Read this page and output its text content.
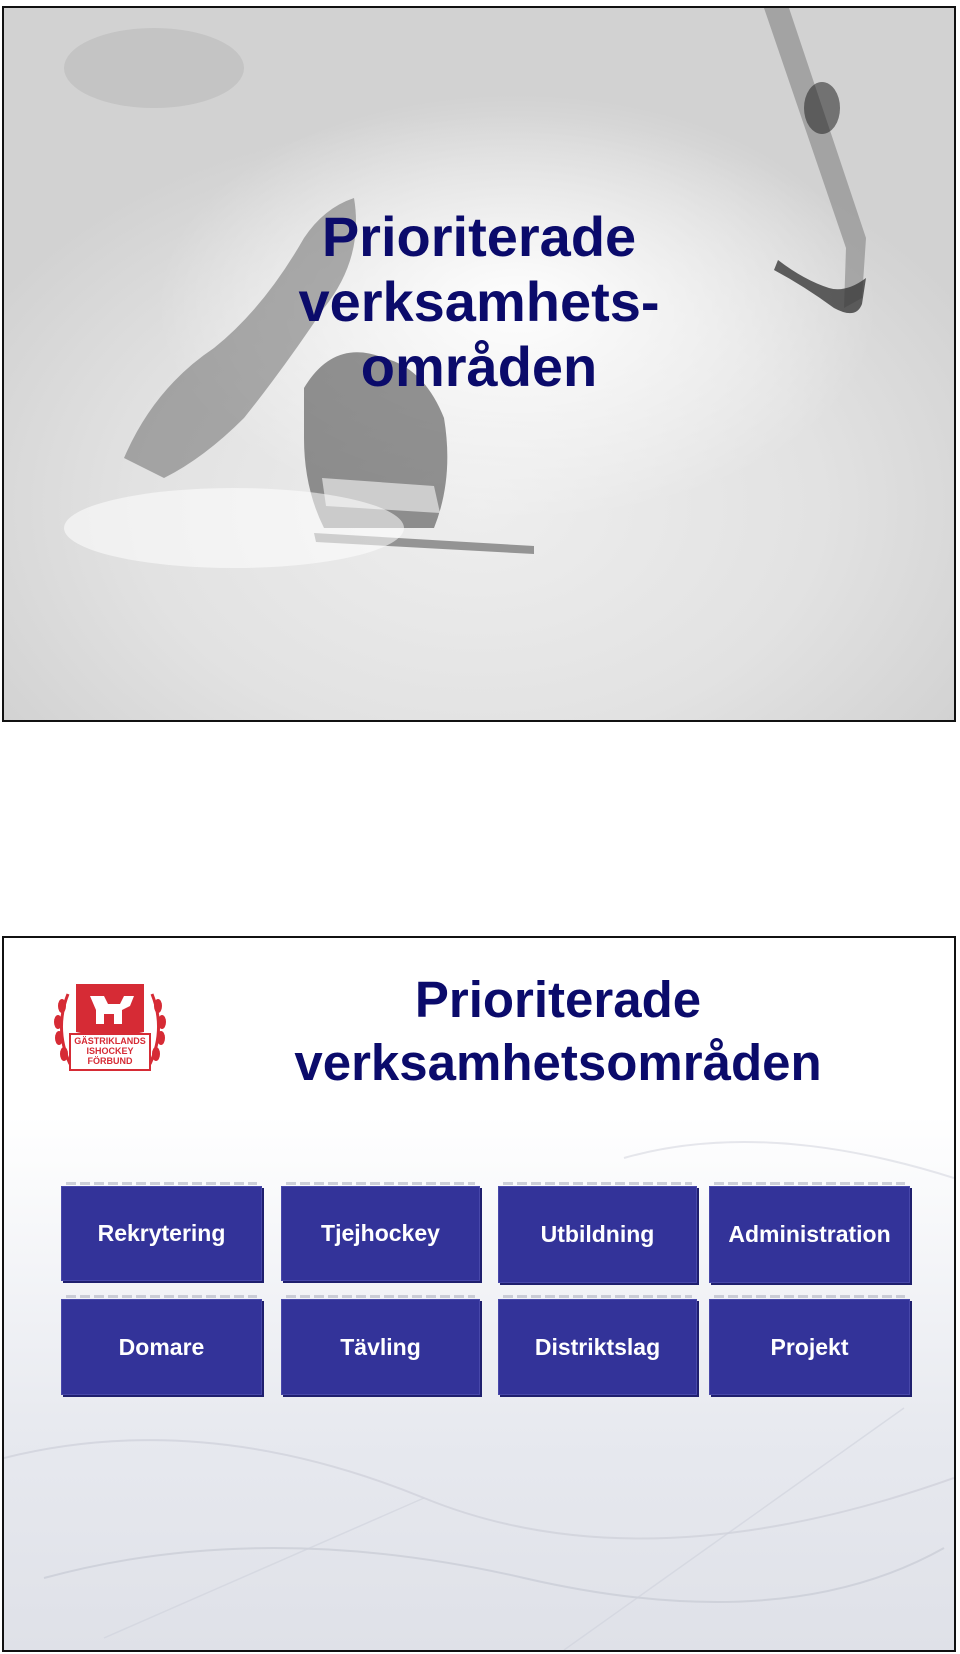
Prioriterade
verksamhets-
områden
GÄSTRIKLANDS
ISHOCKEY
FÖRBUND
Prioriterade
verksamhetsområden
Rekrytering	Tjejhockey	Utbildning	Administration
Domare	Tävling	Distriktslag	Projekt
